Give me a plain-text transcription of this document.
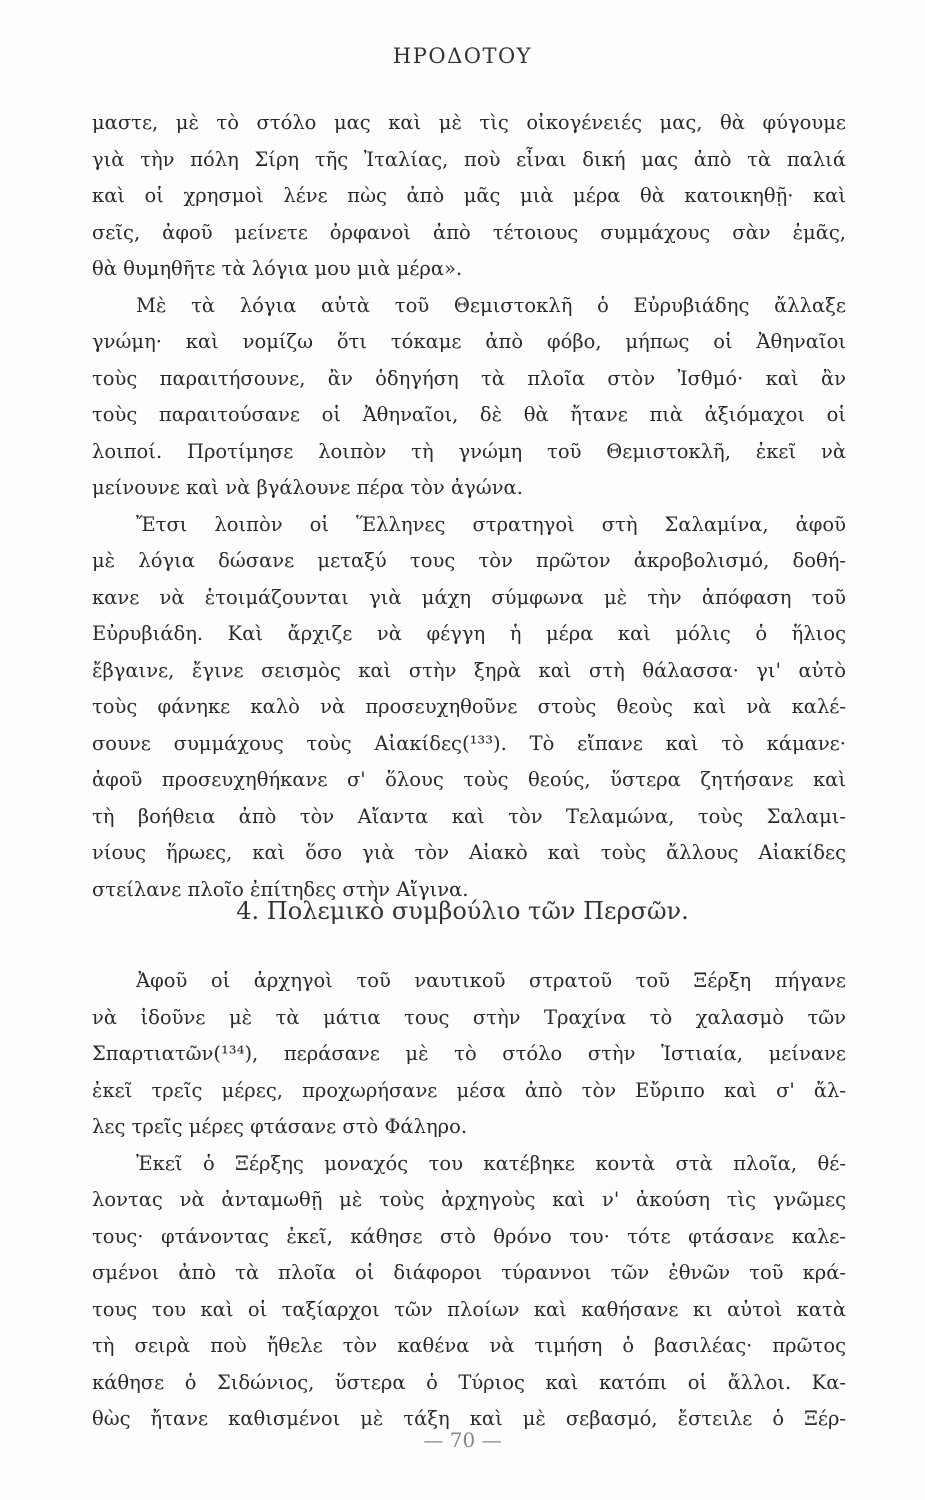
ΗΡΟΔΟΤΟΥ
μαστε, μὲ τὸ στόλο μας καὶ μὲ τὶς οἰκογένειές μας, θὰ φύγουμε
γιὰ τὴν πόλη Σίρη τῆς Ἰταλίας, ποὺ εἶναι δική μας ἀπὸ τὰ παλιά
καὶ οἱ χρησμοὶ λένε πὼς ἀπὸ μᾶς μιὰ μέρα θὰ κατοικηθῇ· καὶ
σεῖς, ἀφοῦ μείνετε ὀρφανοὶ ἀπὸ τέτοιους συμμάχους σὰν ἐμᾶς,
θὰ θυμηθῆτε τὰ λόγια μου μιὰ μέρα».
Μὲ τὰ λόγια αὐτὰ τοῦ Θεμιστοκλῆ ὁ Εὐρυβιάδης ἄλλαξε
γνώμη· καὶ νομίζω ὅτι τόκαμε ἀπὸ φόβο, μήπως οἱ Ἀθηναῖοι
τοὺς παραιτήσουνε, ἂν ὁδηγήση τὰ πλοῖα στὸν Ἰσθμό· καὶ ἂν
τοὺς παραιτούσανε οἱ Ἀθηναῖοι, δὲ θὰ ἤτανε πιὰ ἀξιόμαχοι οἱ
λοιποί. Προτίμησε λοιπὸν τὴ γνώμη τοῦ Θεμιστοκλῆ, ἐκεῖ νὰ
μείνουνε καὶ νὰ βγάλουνε πέρα τὸν ἀγώνα.
Ἔτσι λοιπὸν οἱ Ἕλληνες στρατηγοὶ στὴ Σαλαμίνα, ἀφοῦ
μὲ λόγια δώσανε μεταξύ τους τὸν πρῶτον ἀκροβολισμό, δοθή-
κανε νὰ ἑτοιμάζουνται γιὰ μάχη σύμφωνα μὲ τὴν ἀπόφαση τοῦ
Εὐρυβιάδη. Καὶ ἄρχιζε νὰ φέγγη ἡ μέρα καὶ μόλις ὁ ἥλιος
ἔβγαινε, ἔγινε σεισμὸς καὶ στὴν ξηρὰ καὶ στὴ θάλασσα· γι' αὐτὸ
τοὺς φάνηκε καλὸ νὰ προσευχηθοῦνε στοὺς θεοὺς καὶ νὰ καλέ-
σουνε συμμάχους τοὺς Αἰακίδες(¹³³). Τὸ εἴπανε καὶ τὸ κάμανε·
ἀφοῦ προσευχηθήκανε σ' ὅλους τοὺς θεούς, ὕστερα ζητήσανε καὶ
τὴ βοήθεια ἀπὸ τὸν Αἴαντα καὶ τὸν Τελαμώνα, τοὺς Σαλαμι-
νίους ἥρωες, καὶ ὅσο γιὰ τὸν Αἰακὸ καὶ τοὺς ἄλλους Αἰακίδες
στείλανε πλοῖο ἐπίτηδες στὴν Αἴγινα.
4. Πολεμικὸ συμβούλιο τῶν Περσῶν.
Ἀφοῦ οἱ ἀρχηγοὶ τοῦ ναυτικοῦ στρατοῦ τοῦ Ξέρξη πήγανε
νὰ ἰδοῦνε μὲ τὰ μάτια τους στὴν Τραχίνα τὸ χαλασμὸ τῶν
Σπαρτιατῶν(¹³⁴), περάσανε μὲ τὸ στόλο στὴν Ἱστιαία, μείνανε
ἐκεῖ τρεῖς μέρες, προχωρήσανε μέσα ἀπὸ τὸν Εὔριπο καὶ σ' ἄλ-
λες τρεῖς μέρες φτάσανε στὸ Φάληρο.
Ἐκεῖ ὁ Ξέρξης μοναχός του κατέβηκε κοντὰ στὰ πλοῖα, θέ-
λοντας νὰ ἀνταμωθῇ μὲ τοὺς ἀρχηγοὺς καὶ ν' ἀκούση τὶς γνῶμες
τους· φτάνοντας ἐκεῖ, κάθησε στὸ θρόνο του· τότε φτάσανε καλε-
σμένοι ἀπὸ τὰ πλοῖα οἱ διάφοροι τύραννοι τῶν ἐθνῶν τοῦ κρά-
τους του καὶ οἱ ταξίαρχοι τῶν πλοίων καὶ καθήσανε κι αὐτοὶ κατὰ
τὴ σειρὰ ποὺ ἤθελε τὸν καθένα νὰ τιμήση ὁ βασιλέας· πρῶτος
κάθησε ὁ Σιδώνιος, ὕστερα ὁ Τύριος καὶ κατόπι οἱ ἄλλοι. Κα-
θὼς ἤτανε καθισμένοι μὲ τάξη καὶ μὲ σεβασμό, ἔστειλε ὁ Ξέρ-
— 70 —
